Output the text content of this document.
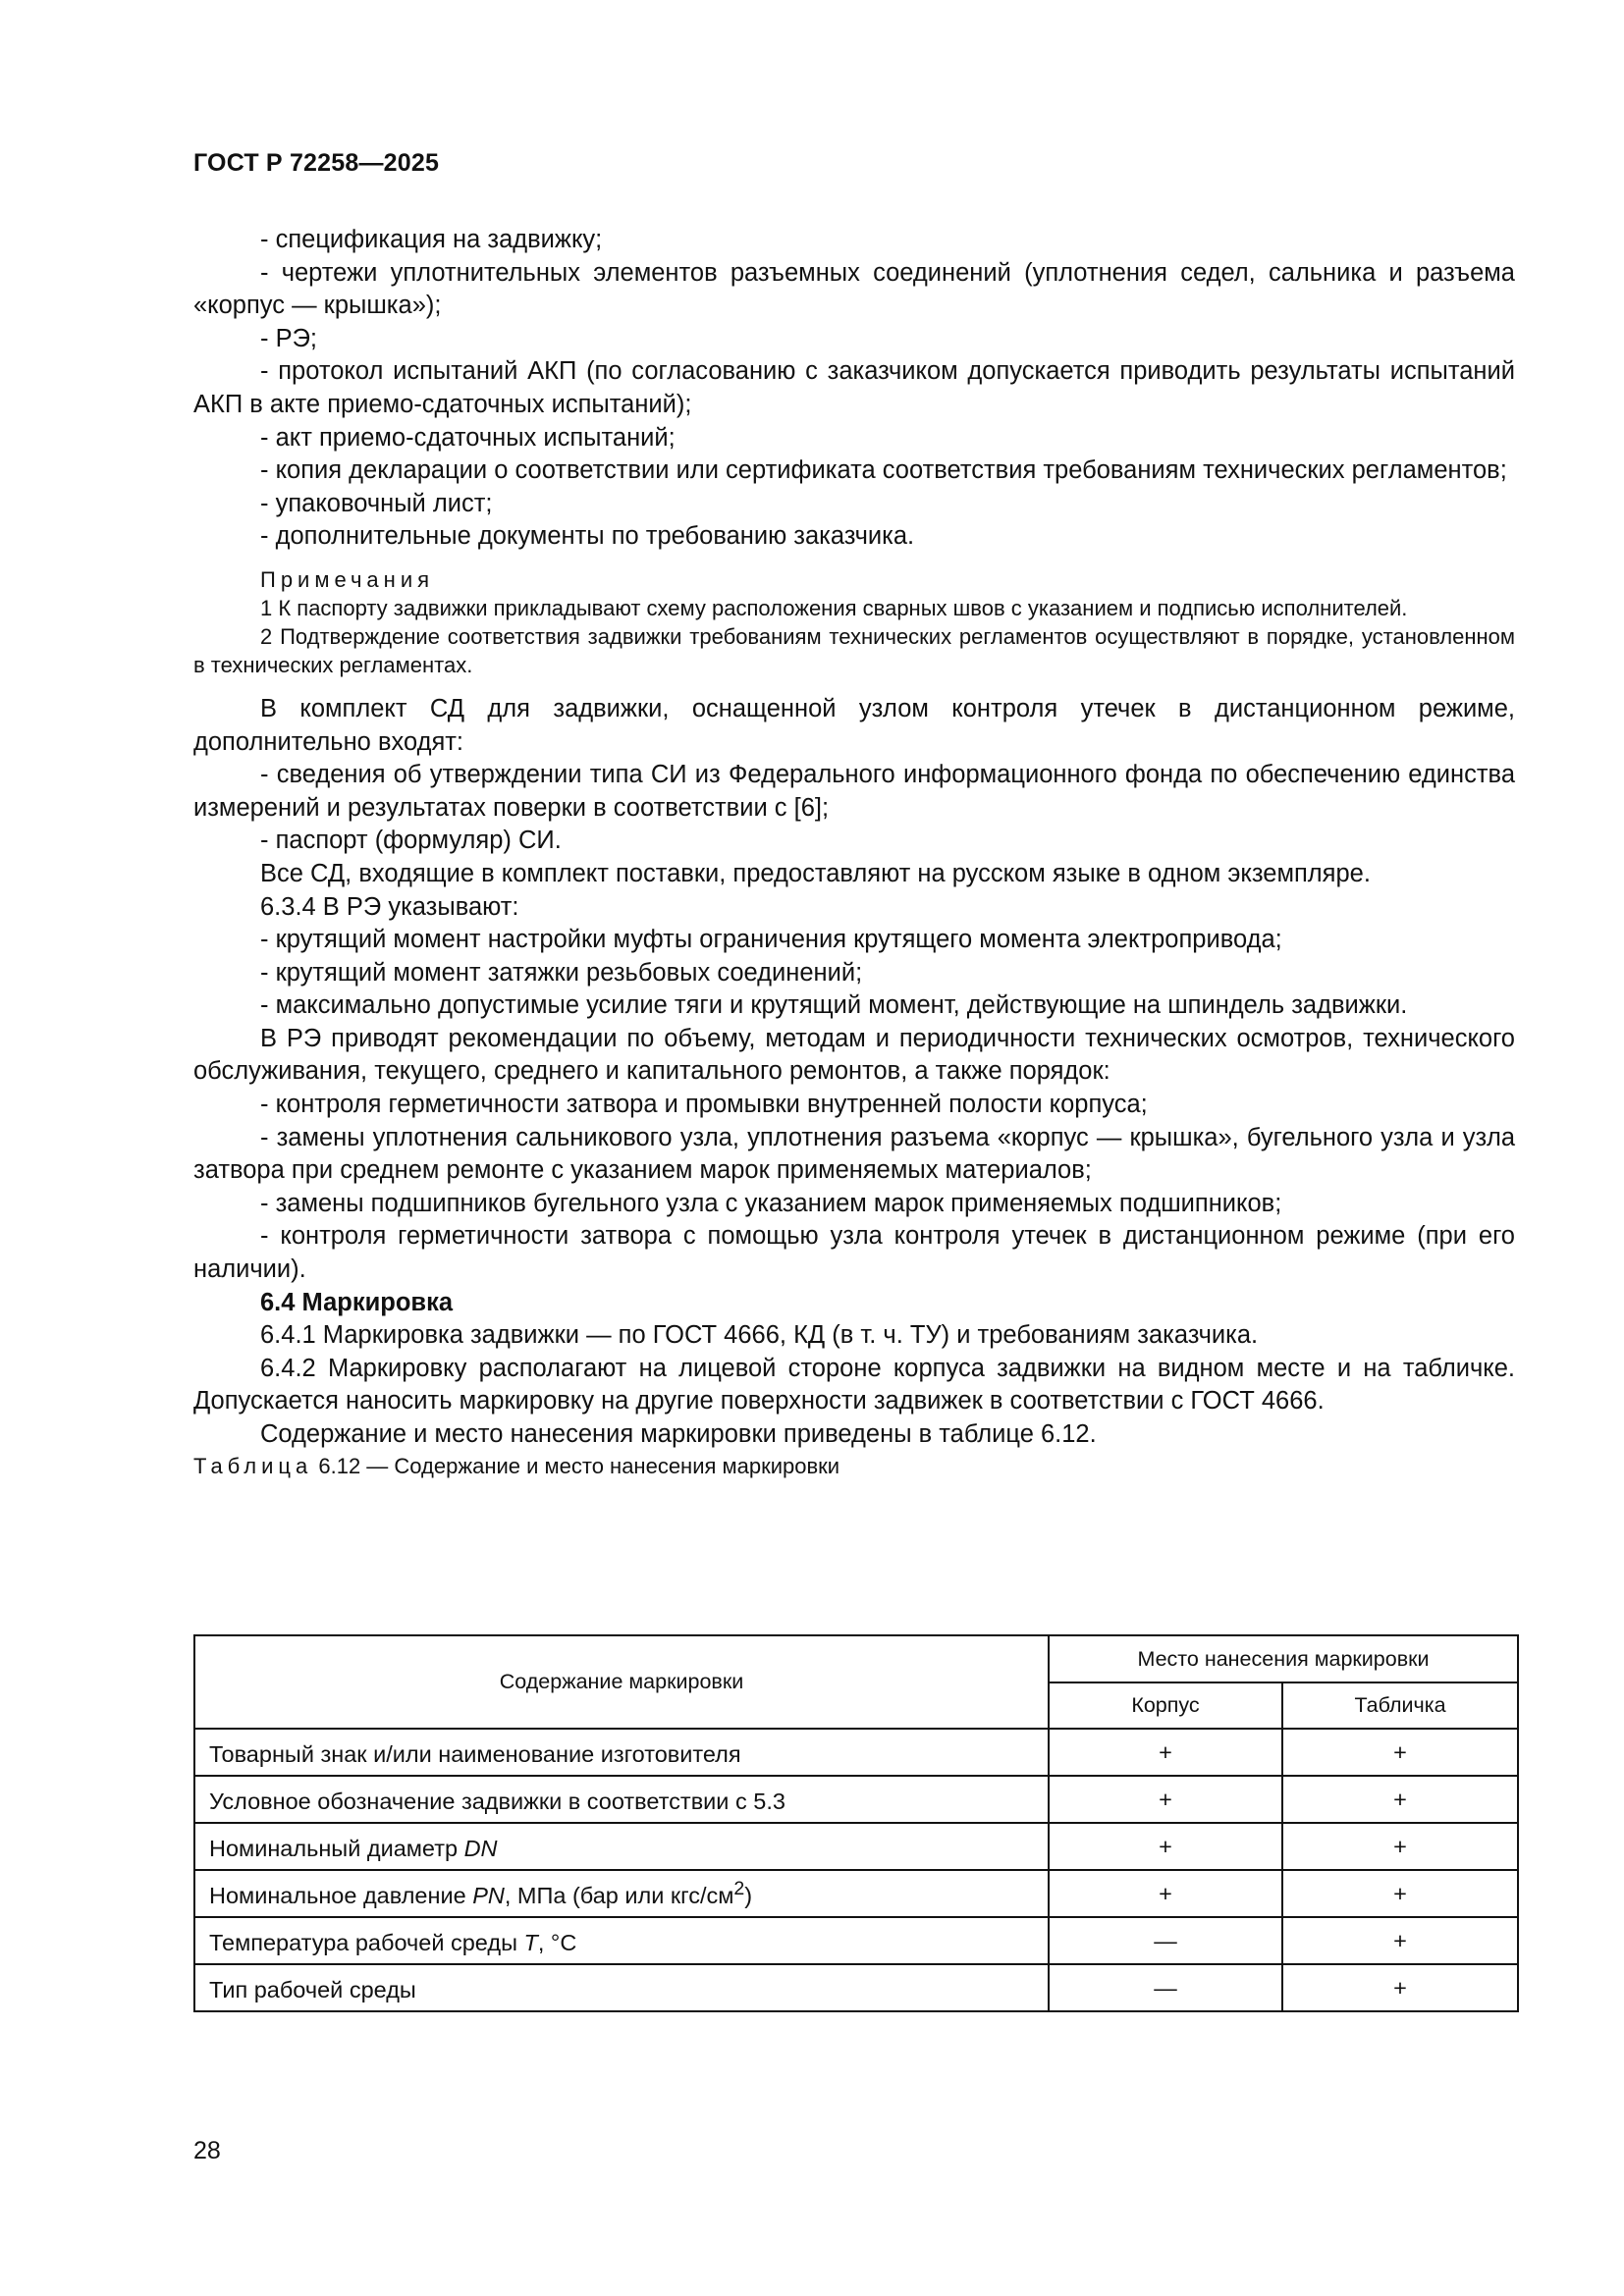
ГОСТ Р 72258—2025

- спецификация на задвижку;

- чертежи уплотнительных элементов разъемных соединений (уплотнения седел, сальника и разъема «корпус — крышка»);

- РЭ;

- протокол испытаний АКП (по согласованию с заказчиком допускается приводить результаты испытаний АКП в акте приемо-сдаточных испытаний);

- акт приемо-сдаточных испытаний;

- копия декларации о соответствии или сертификата соответствия требованиям технических регламентов;

- упаковочный лист;

- дополнительные документы по требованию заказчика.

Примечания

1 К паспорту задвижки прикладывают схему расположения сварных швов с указанием и подписью исполнителей.

2 Подтверждение соответствия задвижки требованиям технических регламентов осуществляют в порядке, установленном в технических регламентах.

В комплект СД для задвижки, оснащенной узлом контроля утечек в дистанционном режиме, дополнительно входят:

- сведения об утверждении типа СИ из Федерального информационного фонда по обеспечению единства измерений и результатах поверки в соответствии с [6];

- паспорт (формуляр) СИ.

Все СД, входящие в комплект поставки, предоставляют на русском языке в одном экземпляре.

6.3.4 В РЭ указывают:

- крутящий момент настройки муфты ограничения крутящего момента электропривода;

- крутящий момент затяжки резьбовых соединений;

- максимально допустимые усилие тяги и крутящий момент, действующие на шпиндель задвижки.

В РЭ приводят рекомендации по объему, методам и периодичности технических осмотров, технического обслуживания, текущего, среднего и капитального ремонтов, а также порядок:

- контроля герметичности затвора и промывки внутренней полости корпуса;

- замены уплотнения сальникового узла, уплотнения разъема «корпус — крышка», бугельного узла и узла затвора при среднем ремонте с указанием марок применяемых материалов;

- замены подшипников бугельного узла с указанием марок применяемых подшипников;

- контроля герметичности затвора с помощью узла контроля утечек в дистанционном режиме (при его наличии).

6.4 Маркировка

6.4.1 Маркировка задвижки — по ГОСТ 4666, КД (в т. ч. ТУ) и требованиям заказчика.

6.4.2 Маркировку располагают на лицевой стороне корпуса задвижки на видном месте и на табличке. Допускается наносить маркировку на другие поверхности задвижек в соответствии с ГОСТ 4666.

Содержание и место нанесения маркировки приведены в таблице 6.12.

Таблица 6.12 — Содержание и место нанесения маркировки

Содержание маркировки	Место нанесения маркировки	
	Корпус	Табличка
Товарный знак и/или наименование изготовителя	+	+
Условное обозначение задвижки в соответствии с 5.3	+	+
Номинальный диаметр DN	+	+
Номинальное давление PN, МПа (бар или кгс/$см^2$)	+	+
Температура рабочей среды T, °С	—	+
Тип рабочей среды	—	+
28
